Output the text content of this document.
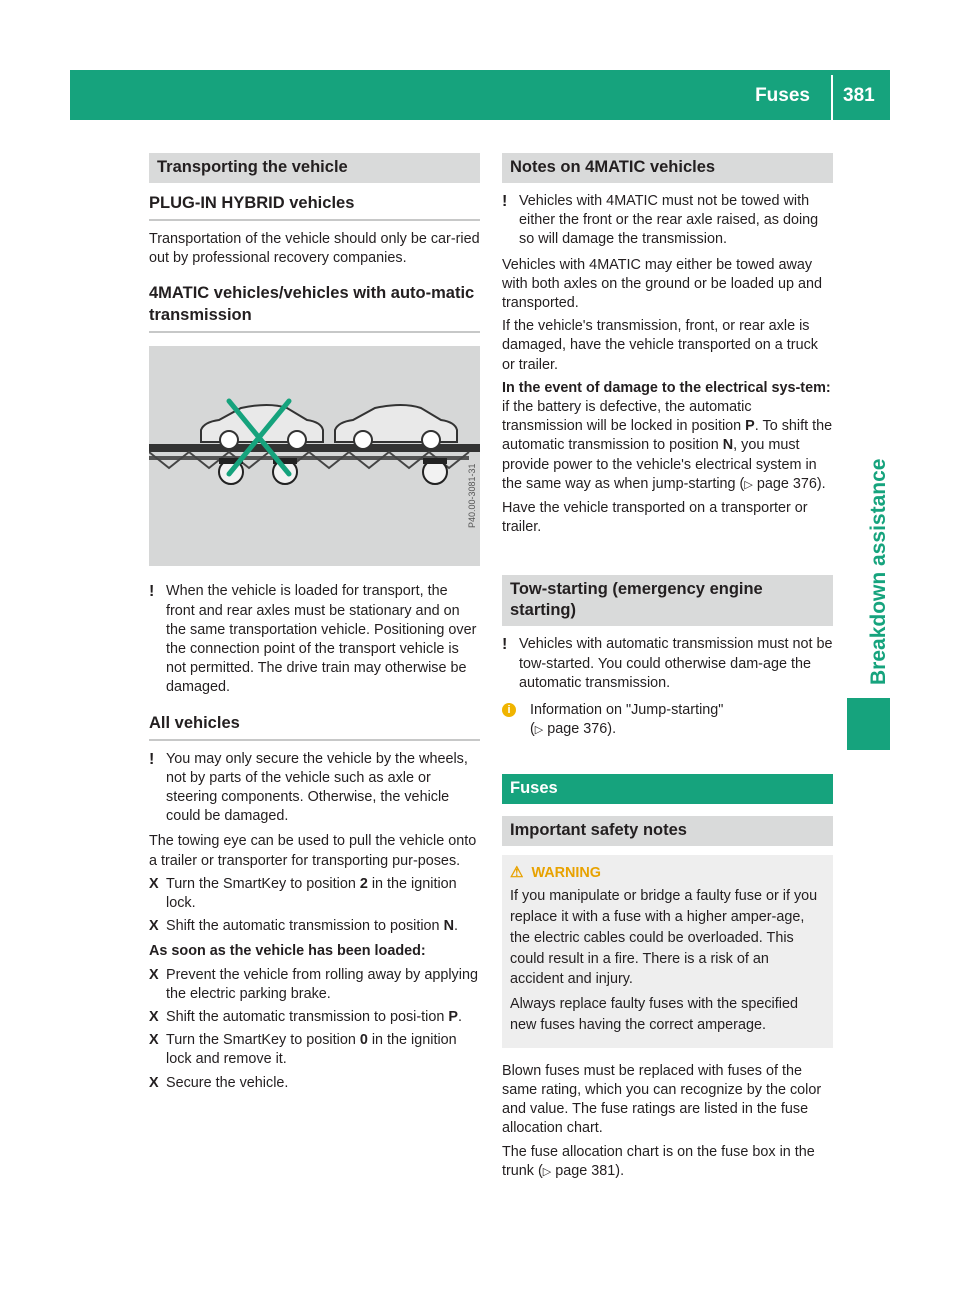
Fuses 381
Breakdown assistance
Transporting the vehicle
PLUG-IN HYBRID vehicles

Transportation of the vehicle should only be car-ried out by professional recovery companies.

4MATIC vehicles/vehicles with auto-matic transmission
P40.00-3081-31
! When the vehicle is loaded for transport, the front and rear axles must be stationary and on the same transportation vehicle. Positioning over the connection point of the transport vehicle is not permitted. The drive train may otherwise be damaged.
All vehicles
! You may only secure the vehicle by the wheels, not by parts of the vehicle such as axle or steering components. Otherwise, the vehicle could be damaged.

The towing eye can be used to pull the vehicle onto a trailer or transporter for transporting pur-poses.

X Turn the SmartKey to position 2 in the ignition lock.
X Shift the automatic transmission to position N.

As soon as the vehicle has been loaded:

X Prevent the vehicle from rolling away by applying the electric parking brake.
X Shift the automatic transmission to posi-tion P.
X Turn the SmartKey to position 0 in the ignition lock and remove it.
X Secure the vehicle.
Notes on 4MATIC vehicles
! Vehicles with 4MATIC must not be towed with either the front or the rear axle raised, as doing so will damage the transmission.

Vehicles with 4MATIC may either be towed away with both axles on the ground or be loaded up and transported.

If the vehicle's transmission, front, or rear axle is damaged, have the vehicle transported on a truck or trailer.

In the event of damage to the electrical sys-tem: if the battery is defective, the automatic transmission will be locked in position P. To shift the automatic transmission to position N, you must provide power to the vehicle's electrical system in the same way as when jump-starting (▷ page 376).

Have the vehicle transported on a transporter or trailer.

Tow-starting (emergency engine starting)
! Vehicles with automatic transmission must not be tow-started. You could otherwise dam-age the automatic transmission.
i	Information on "Jump-starting"
(▷ page 376).
Fuses
Important safety notes
⚠ WARNING

If you manipulate or bridge a faulty fuse or if you replace it with a fuse with a higher amper-age, the electric cables could be overloaded. This could result in a fire. There is a risk of an accident and injury.

Always replace faulty fuses with the specified new fuses having the correct amperage.

Blown fuses must be replaced with fuses of the same rating, which you can recognize by the color and value. The fuse ratings are listed in the fuse allocation chart.

The fuse allocation chart is on the fuse box in the trunk (▷ page 381).
